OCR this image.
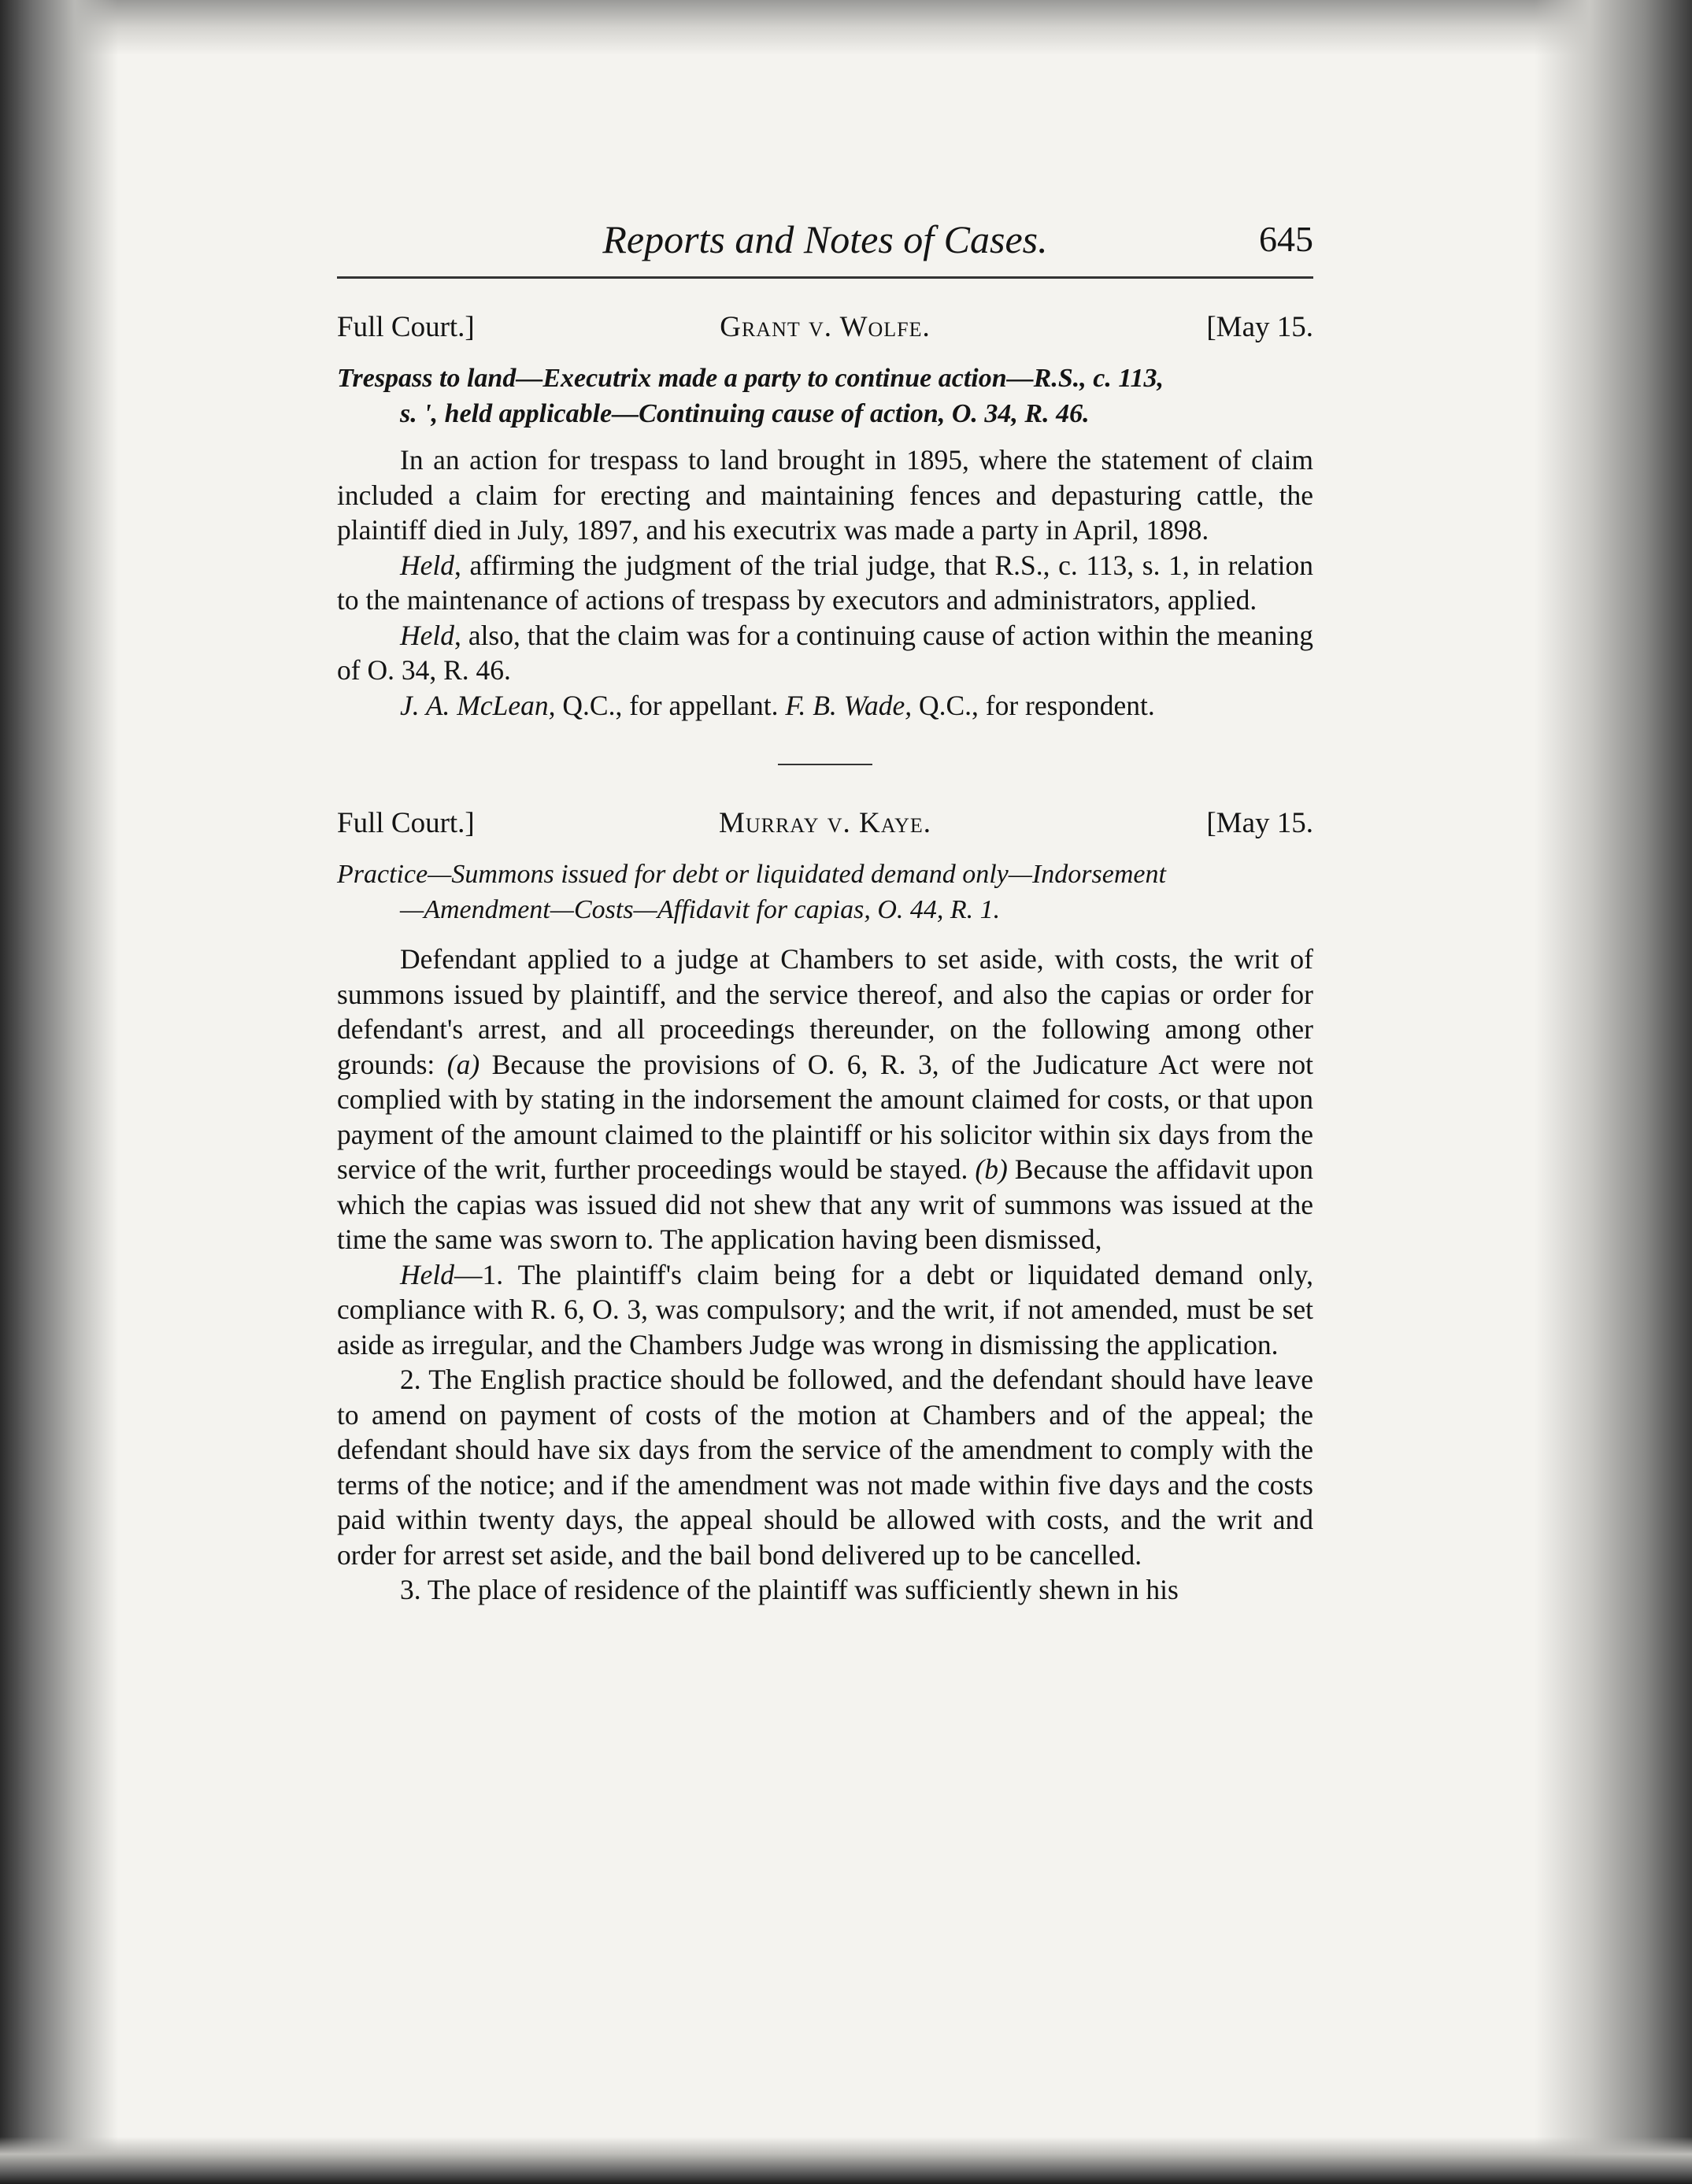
Reports and Notes of Cases.	645
Full Court.]	Grant v. Wolfe.	[May 15.
Trespass to land—Executrix made a party to continue action—R.S., c. 113,
s. ', held applicable—Continuing cause of action, O. 34, R. 46.

In an action for trespass to land brought in 1895, where the statement of claim included a claim for erecting and maintaining fences and depasturing cattle, the plaintiff died in July, 1897, and his executrix was made a party in April, 1898.

Held, affirming the judgment of the trial judge, that R.S., c. 113, s. 1, in relation to the maintenance of actions of trespass by executors and administrators, applied.

Held, also, that the claim was for a continuing cause of action within the meaning of O. 34, R. 46.

J. A. McLean, Q.C., for appellant. F. B. Wade, Q.C., for respondent.

Full Court.]	Murray v. Kaye.	[May 15.
Practice—Summons issued for debt or liquidated demand only—Indorsement
—Amendment—Costs—Affidavit for capias, O. 44, R. 1.

Defendant applied to a judge at Chambers to set aside, with costs, the writ of summons issued by plaintiff, and the service thereof, and also the capias or order for defendant's arrest, and all proceedings thereunder, on the following among other grounds: (a) Because the provisions of O. 6, R. 3, of the Judicature Act were not complied with by stating in the indorsement the amount claimed for costs, or that upon payment of the amount claimed to the plaintiff or his solicitor within six days from the service of the writ, further proceedings would be stayed. (b) Because the affidavit upon which the capias was issued did not shew that any writ of summons was issued at the time the same was sworn to. The application having been dismissed,

Held—1. The plaintiff's claim being for a debt or liquidated demand only, compliance with R. 6, O. 3, was compulsory; and the writ, if not amended, must be set aside as irregular, and the Chambers Judge was wrong in dismissing the application.

2. The English practice should be followed, and the defendant should have leave to amend on payment of costs of the motion at Chambers and of the appeal; the defendant should have six days from the service of the amendment to comply with the terms of the notice; and if the amendment was not made within five days and the costs paid within twenty days, the appeal should be allowed with costs, and the writ and order for arrest set aside, and the bail bond delivered up to be cancelled.

3. The place of residence of the plaintiff was sufficiently shewn in his
